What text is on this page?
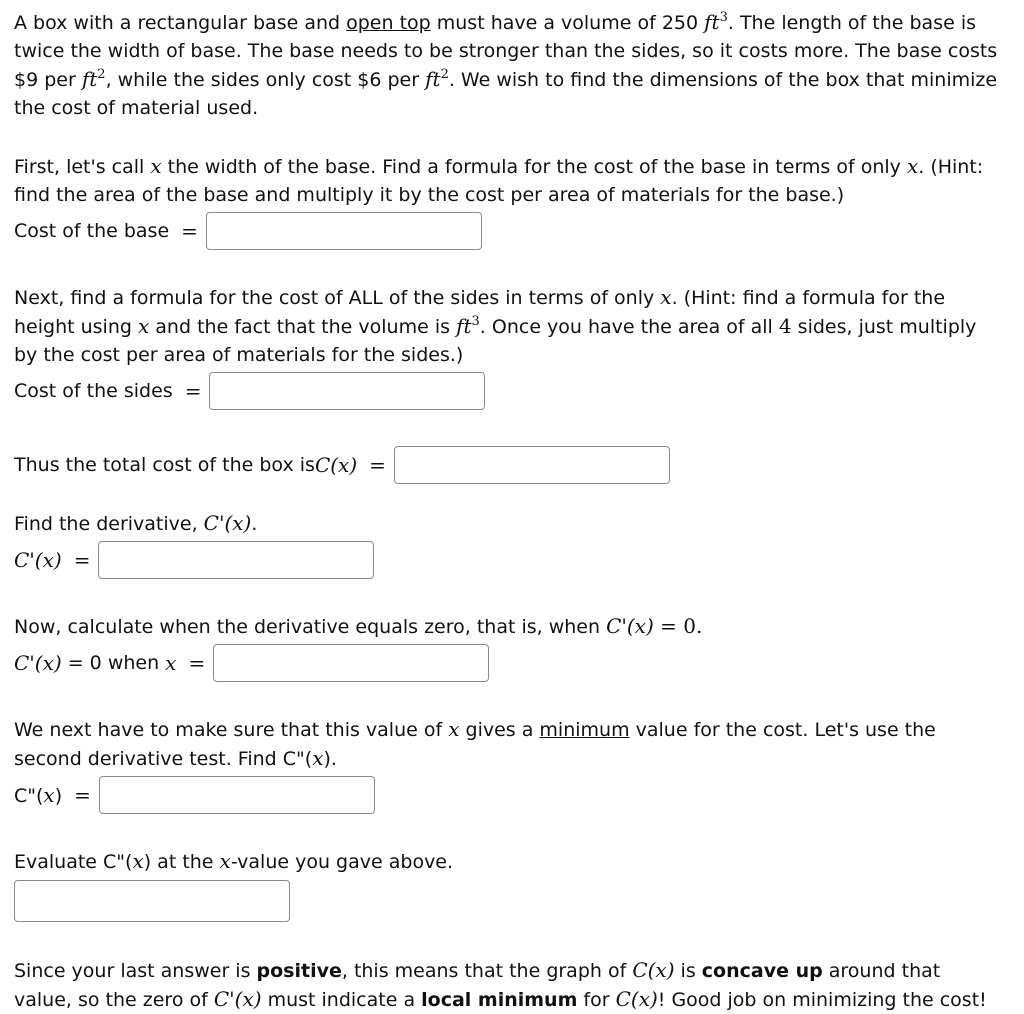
A box with a rectangular base and open top must have a volume of 250 $ft^3$. The length of the base is twice the width of base. The base needs to be stronger than the sides, so it costs more. The base costs $9 per $ft^2$, while the sides only cost $6 per $ft^2$. We wish to find the dimensions of the box that minimize the cost of material used.

First, let's call x the width of the base. Find a formula for the cost of the base in terms of only x. (Hint: find the area of the base and multiply it by the cost per area of materials for the base.)

Cost of the base =

Next, find a formula for the cost of ALL of the sides in terms of only x. (Hint: find a formula for the height using x and the fact that the volume is $ft^3$. Once you have the area of all 4 sides, just multiply by the cost per area of materials for the sides.)

Cost of the sides =
Thus the total cost of the box is C(x) =

Find the derivative, C'(x).

C'(x) =

Now, calculate when the derivative equals zero, that is, when C'(x) = 0.

C'(x) = 0 when x =

We next have to make sure that this value of x gives a minimum value for the cost. Let's use the second derivative test. Find C"(x).

C"(x) =

Evaluate C"(x) at the x-value you gave above.

Since your last answer is positive, this means that the graph of C(x) is concave up around that value, so the zero of C'(x) must indicate a local minimum for C(x)! Good job on minimizing the cost!
